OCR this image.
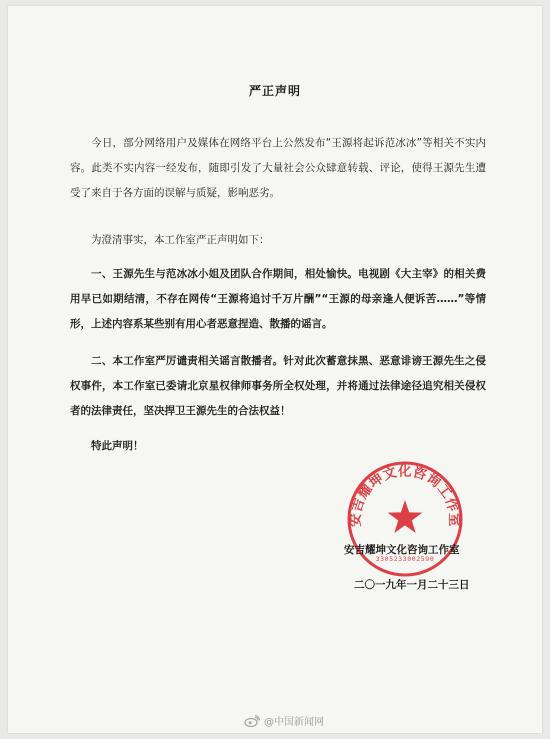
严正声明
今日，部分网络用户及媒体在网络平台上公然发布“王源将起诉范冰冰”等相关不实内容。此类不实内容一经发布，随即引发了大量社会公众肆意转载、评论，使得王源先生遭受了来自于各方面的误解与质疑，影响恶劣。
为澄清事实，本工作室严正声明如下：
一、王源先生与范冰冰小姐及团队合作期间，相处愉快。电视剧《大主宰》的相关费用早已如期结清，不存在网传“王源将追讨千万片酬”“王源的母亲逢人便诉苦……”等情形，上述内容系某些别有用心者恶意捏造、散播的谣言。
二、本工作室严厉谴责相关谣言散播者。针对此次蓄意抹黑、恶意诽谤王源先生之侵权事件，本工作室已委请北京星权律师事务所全权处理，并将通过法律途径追究相关侵权者的法律责任，坚决捍卫王源先生的合法权益！
特此声明！
安吉耀坤文化咨询工作室
3305233002590
安吉耀坤文化咨询工作室
二〇一九年一月二十三日
@中国新闻网
